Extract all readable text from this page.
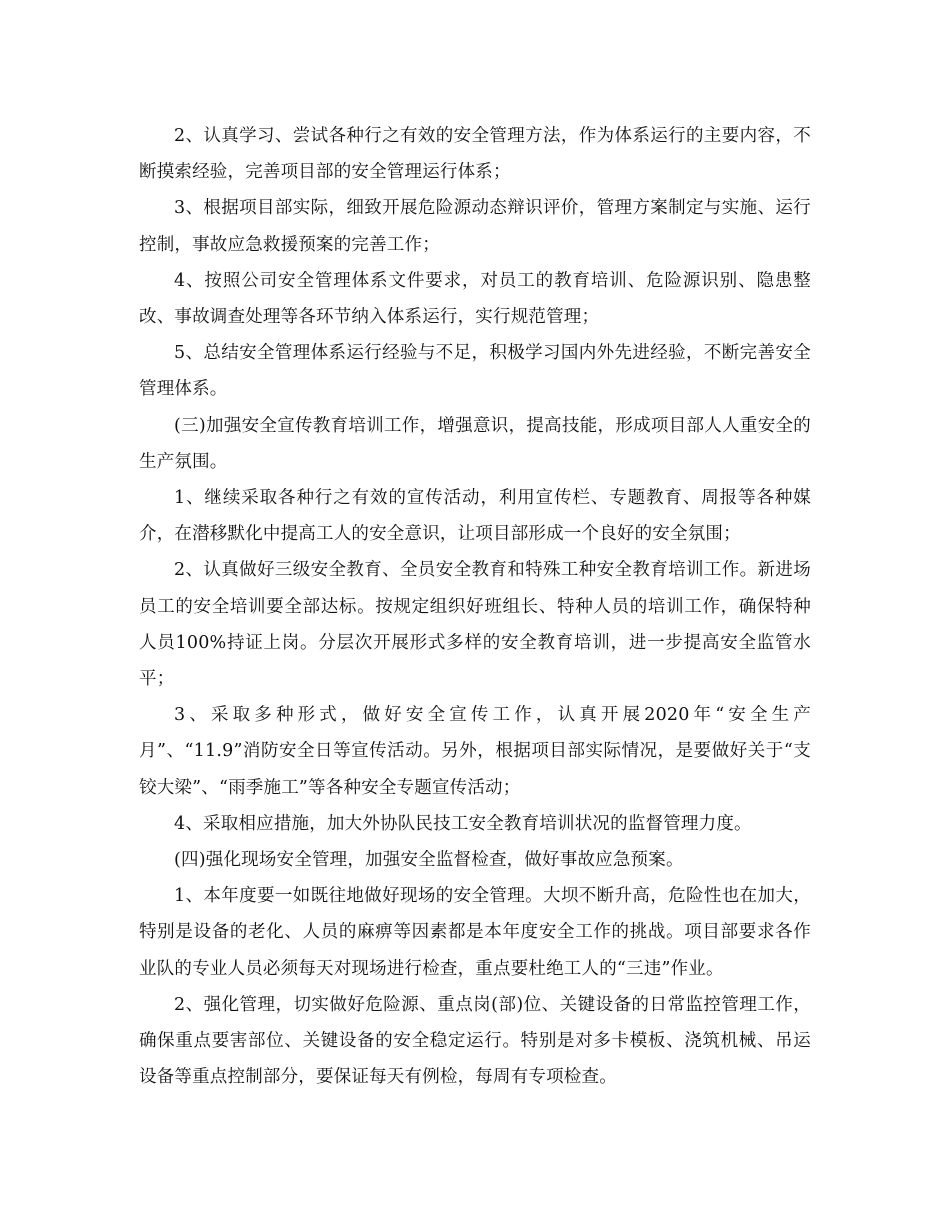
2、认真学习、尝试各种行之有效的安全管理方法，作为体系运行的主要内容，不断摸索经验，完善项目部的安全管理运行体系；

3、根据项目部实际，细致开展危险源动态辩识评价，管理方案制定与实施、运行控制，事故应急救援预案的完善工作；

4、按照公司安全管理体系文件要求，对员工的教育培训、危险源识别、隐患整改、事故调查处理等各环节纳入体系运行，实行规范管理；

5、总结安全管理体系运行经验与不足，积极学习国内外先进经验，不断完善安全管理体系。

(三)加强安全宣传教育培训工作，增强意识，提高技能，形成项目部人人重安全的生产氛围。

1、继续采取各种行之有效的宣传活动，利用宣传栏、专题教育、周报等各种媒介，在潜移默化中提高工人的安全意识，让项目部形成一个良好的安全氛围；

2、认真做好三级安全教育、全员安全教育和特殊工种安全教育培训工作。新进场员工的安全培训要全部达标。按规定组织好班组长、特种人员的培训工作，确保特种人员100%持证上岗。分层次开展形式多样的安全教育培训，进一步提高安全监管水平；

3、采取多种形式，做好安全宣传工作，认真开展2020年“安全生产月”、“11.9”消防安全日等宣传活动。另外，根据项目部实际情况，是要做好关于“支铰大梁”、“雨季施工”等各种安全专题宣传活动；

4、采取相应措施，加大外协队民技工安全教育培训状况的监督管理力度。

(四)强化现场安全管理，加强安全监督检查，做好事故应急预案。

1、本年度要一如既往地做好现场的安全管理。大坝不断升高，危险性也在加大，特别是设备的老化、人员的麻痹等因素都是本年度安全工作的挑战。项目部要求各作业队的专业人员必须每天对现场进行检查，重点要杜绝工人的“三违”作业。

2、强化管理，切实做好危险源、重点岗(部)位、关键设备的日常监控管理工作，确保重点要害部位、关键设备的安全稳定运行。特别是对多卡模板、浇筑机械、吊运设备等重点控制部分，要保证每天有例检，每周有专项检查。
